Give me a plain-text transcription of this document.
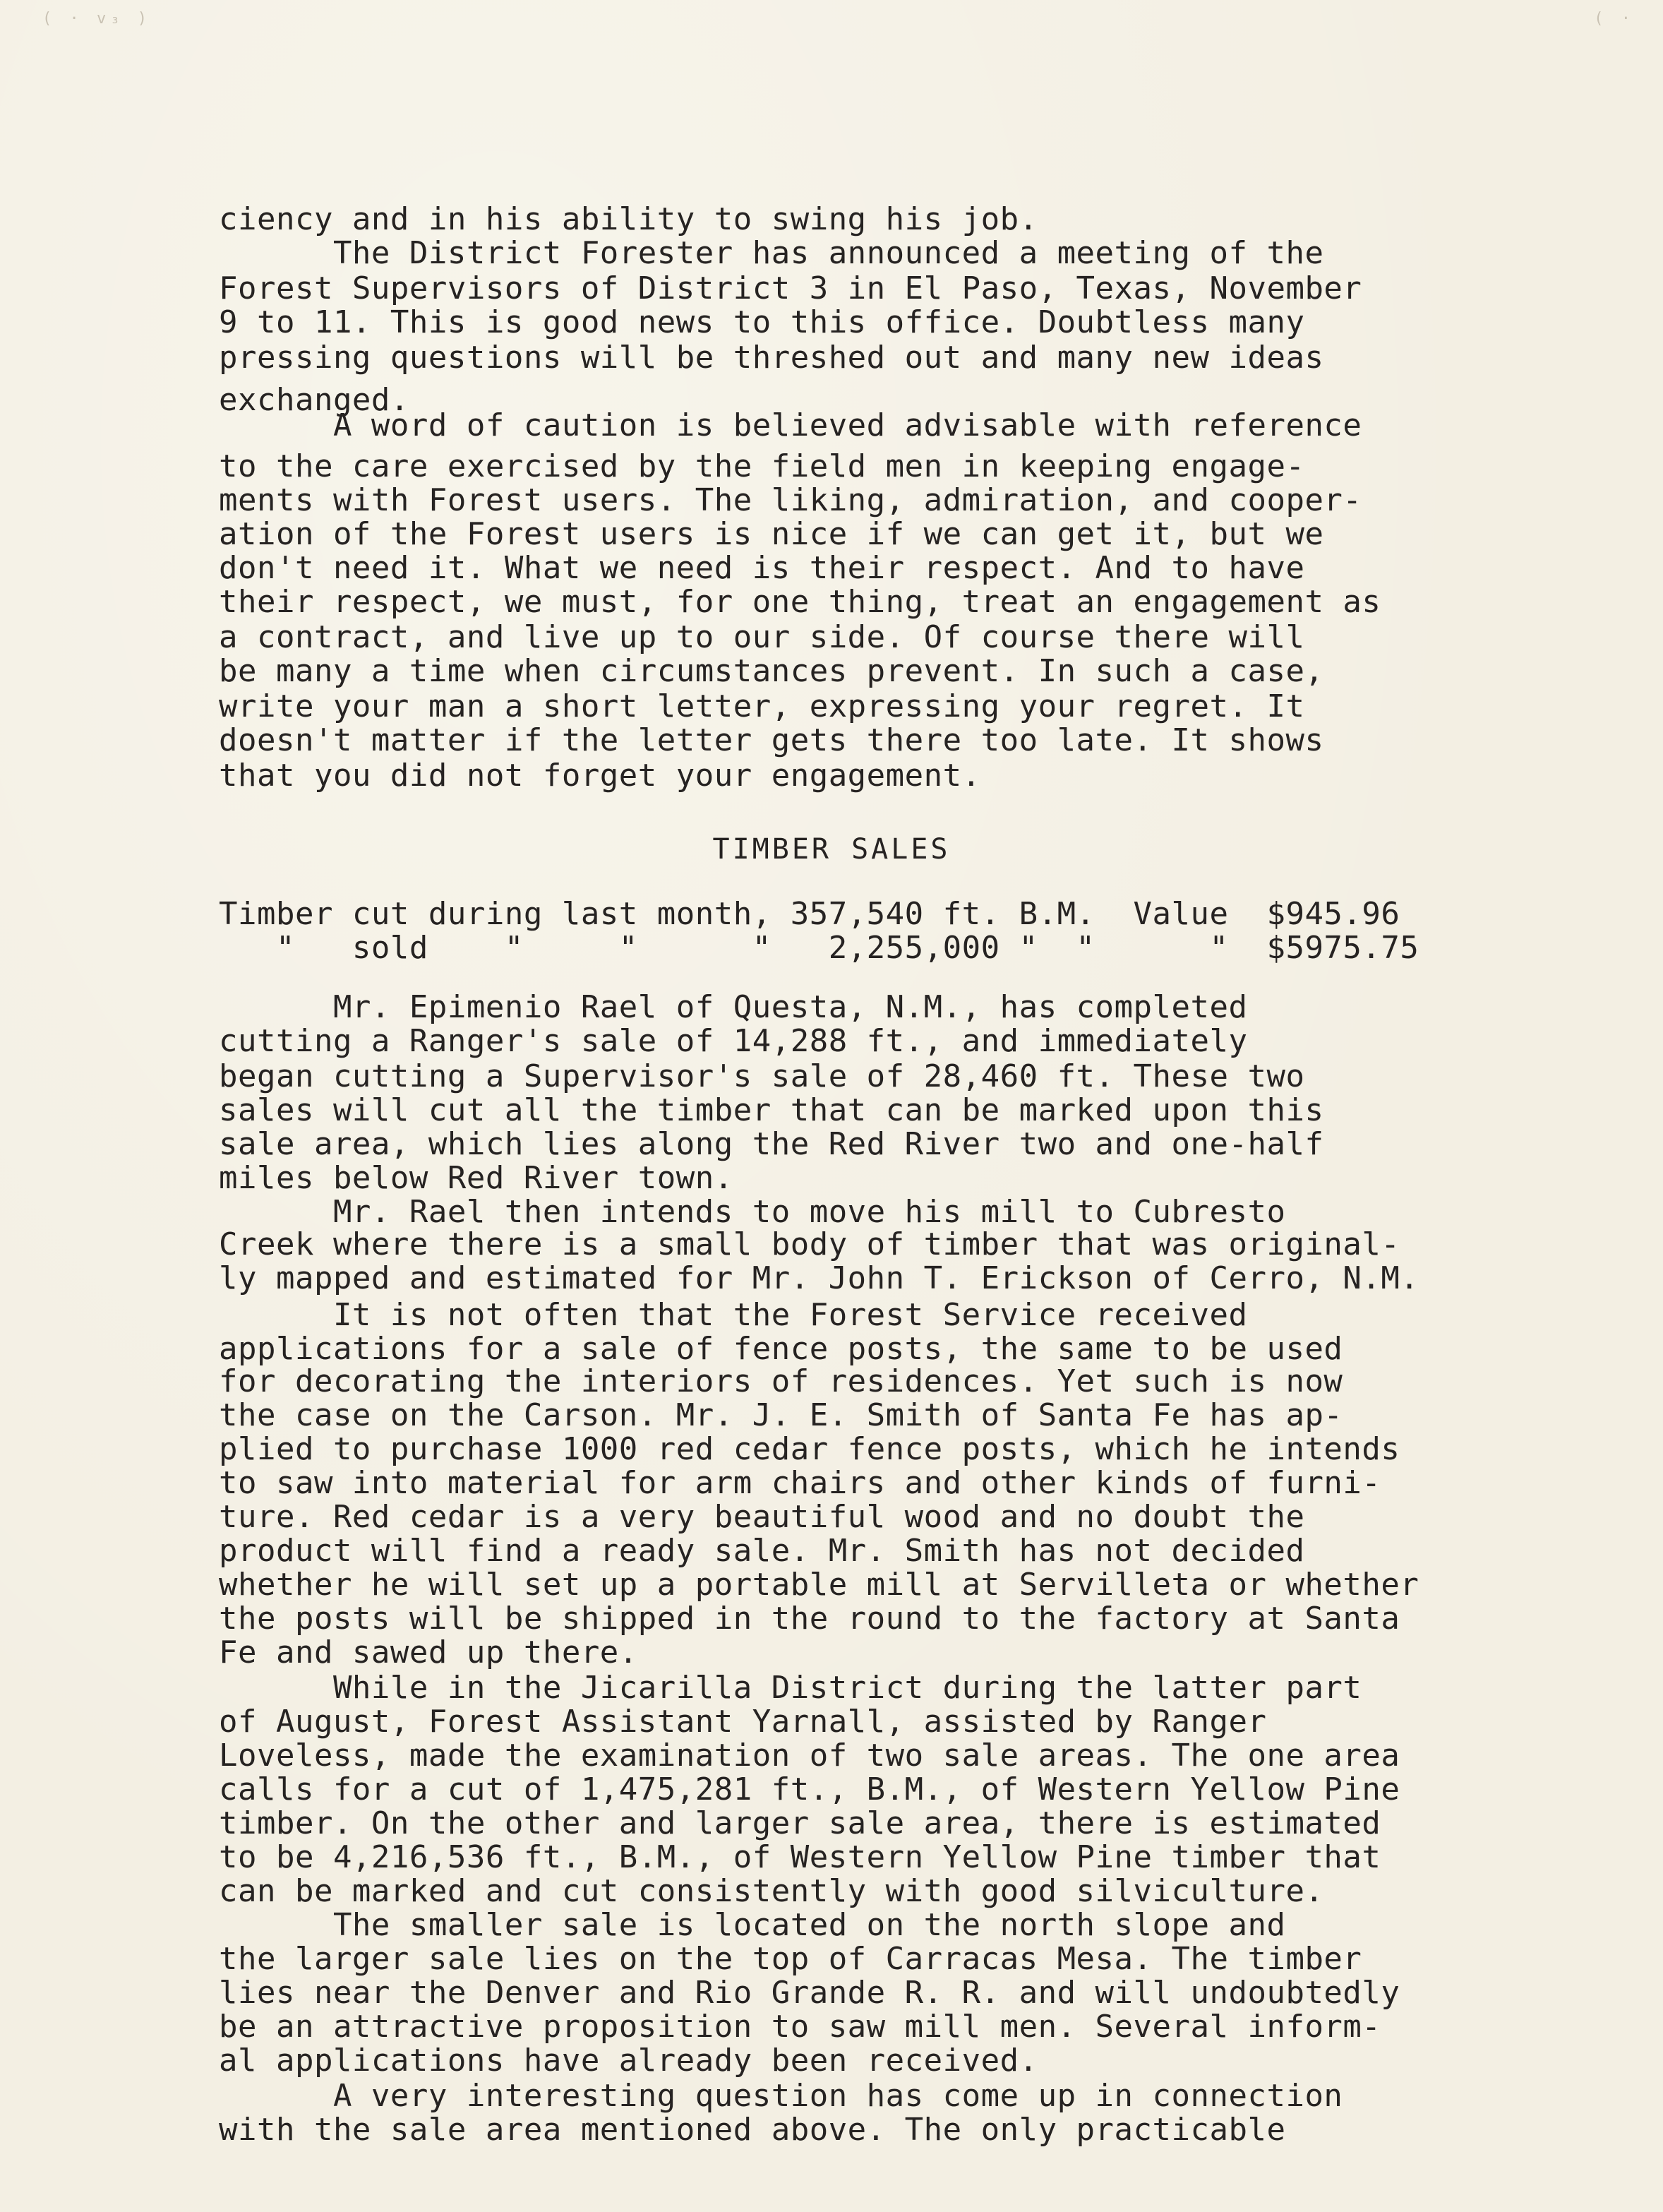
( · v₃ )	( ·
ciency and in his ability to swing his job.
The District Forester has announced a meeting of the
Forest Supervisors of District 3 in El Paso, Texas, November
9 to 11. This is good news to this office. Doubtless many
pressing questions will be threshed out and many new ideas
exchanged.
A word of caution is believed advisable with reference
to the care exercised by the field men in keeping engage-
ments with Forest users. The liking, admiration, and cooper-
ation of the Forest users is nice if we can get it, but we
don't need it. What we need is their respect. And to have
their respect, we must, for one thing, treat an engagement as
a contract, and live up to our side. Of course there will
be many a time when circumstances prevent. In such a case,
write your man a short letter, expressing your regret. It
doesn't matter if the letter gets there too late. It shows
that you did not forget your engagement.
TIMBER SALES
Timber cut during last month, 357,540 ft. B.M.  Value  $945.96
"   sold    "     "      "   2,255,000 "  "      "  $5975.75
Mr. Epimenio Rael of Questa, N.M., has completed
cutting a Ranger's sale of 14,288 ft., and immediately
began cutting a Supervisor's sale of 28,460 ft. These two
sales will cut all the timber that can be marked upon this
sale area, which lies along the Red River two and one-half
miles below Red River town.
Mr. Rael then intends to move his mill to Cubresto
Creek where there is a small body of timber that was original-
ly mapped and estimated for Mr. John T. Erickson of Cerro, N.M.
It is not often that the Forest Service received
applications for a sale of fence posts, the same to be used
for decorating the interiors of residences. Yet such is now
the case on the Carson. Mr. J. E. Smith of Santa Fe has ap-
plied to purchase 1000 red cedar fence posts, which he intends
to saw into material for arm chairs and other kinds of furni-
ture. Red cedar is a very beautiful wood and no doubt the
product will find a ready sale. Mr. Smith has not decided
whether he will set up a portable mill at Servilleta or whether
the posts will be shipped in the round to the factory at Santa
Fe and sawed up there.
While in the Jicarilla District during the latter part
of August, Forest Assistant Yarnall, assisted by Ranger
Loveless, made the examination of two sale areas. The one area
calls for a cut of 1,475,281 ft., B.M., of Western Yellow Pine
timber. On the other and larger sale area, there is estimated
to be 4,216,536 ft., B.M., of Western Yellow Pine timber that
can be marked and cut consistently with good silviculture.
The smaller sale is located on the north slope and
the larger sale lies on the top of Carracas Mesa. The timber
lies near the Denver and Rio Grande R. R. and will undoubtedly
be an attractive proposition to saw mill men. Several inform-
al applications have already been received.
A very interesting question has come up in connection
with the sale area mentioned above. The only practicable
